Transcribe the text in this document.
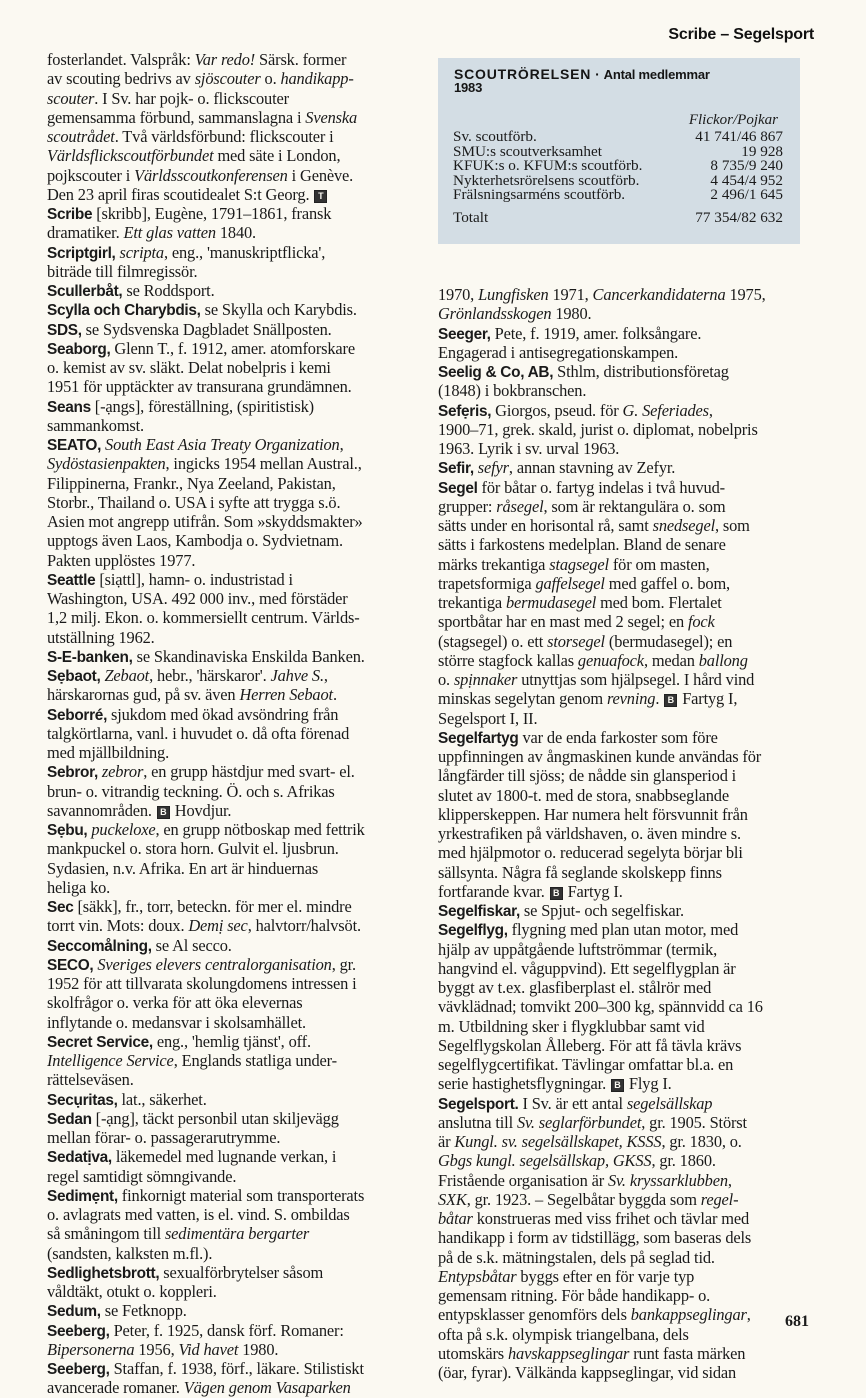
Scribe – Segelsport
fosterlandet. Valspråk: Var redo! Särsk. former
av scouting bedrivs av sjöscouter o. handikapp-
scouter. I Sv. har pojk- o. flickscouter
gemensamma förbund, sammanslagna i Svenska
scoutrådet. Två världsförbund: flickscouter i
Världsflickscoutförbundet med säte i London,
pojkscouter i Världsscoutkonferensen i Genève.
Den 23 april firas scoutidealet S:t Georg. T
Scribe [skribb], Eugène, 1791–1861, fransk
dramatiker. Ett glas vatten 1840.
Scriptgirl, scripta, eng., 'manuskriptflicka',
biträde till filmregissör.
Scullerbåt, se Roddsport.
Scylla och Charybdis, se Skylla och Karybdis.
SDS, se Sydsvenska Dagbladet Snällposten.
Seaborg, Glenn T., f. 1912, amer. atomforskare
o. kemist av sv. släkt. Delat nobelpris i kemi
1951 för upptäckter av transurana grundämnen.
Seans [-ạngs], föreställning, (spiritistisk)
sammankomst.
SEATO, South East Asia Treaty Organization,
Sydöstasienpakten, ingicks 1954 mellan Austral.,
Filippinerna, Frankr., Nya Zeeland, Pakistan,
Storbr., Thailand o. USA i syfte att trygga s.ö.
Asien mot angrepp utifrån. Som »skyddsmakter»
upptogs även Laos, Kambodja o. Sydvietnam.
Pakten upplöstes 1977.
Seattle [siạttl], hamn- o. industristad i
Washington, USA. 492 000 inv., med förstäder
1,2 milj. Ekon. o. kommersiellt centrum. Världs-
utställning 1962.
S-E-banken, se Skandinaviska Enskilda Banken.
Sẹbaot, Zebaot, hebr., 'härskaror'. Jahve S.,
härskarornas gud, på sv. även Herren Sebaot.
Seborré, sjukdom med ökad avsöndring från
talgkörtlarna, vanl. i huvudet o. då ofta förenad
med mjällbildning.
Sebror, zebror, en grupp hästdjur med svart- el.
brun- o. vitrandig teckning. Ö. och s. Afrikas
savannområden. B Hovdjur.
Sẹbu, puckeloxe, en grupp nötboskap med fettrik
mankpuckel o. stora horn. Gulvit el. ljusbrun.
Sydasien, n.v. Afrika. En art är hinduernas
heliga ko.
Sec [säkk], fr., torr, beteckn. för mer el. mindre
torrt vin. Mots: doux. Demị sec, halvtorr/halvsöt.
Seccomålning, se Al secco.
SECO, Sveriges elevers centralorganisation, gr.
1952 för att tillvarata skolungdomens intressen i
skolfrågor o. verka för att öka elevernas
inflytande o. medansvar i skolsamhället.
Secret Service, eng., 'hemlig tjänst', off.
Intelligence Service, Englands statliga under-
rättelseväsen.
Secụritas, lat., säkerhet.
Sedan [-ạng], täckt personbil utan skiljevägg
mellan förar- o. passagerarutrymme.
Sedatịva, läkemedel med lugnande verkan, i
regel samtidigt sömngivande.
Sedimẹnt, finkornigt material som transporterats
o. avlagrats med vatten, is el. vind. S. ombildas
så småningom till sedimentära bergarter
(sandsten, kalksten m.fl.).
Sedlighetsbrott, sexualförbrytelser såsom
våldtäkt, otukt o. koppleri.
Sedum, se Fetknopp.
Seeberg, Peter, f. 1925, dansk förf. Romaner:
Bipersonerna 1956, Vid havet 1980.
Seeberg, Staffan, f. 1938, förf., läkare. Stilistiskt
avancerade romaner. Vägen genom Vasaparken
SCOUTRÖRELSEN · Antal medlemmar
1983
Flickor/Pojkar
Sv. scoutförb.	41 741/46 867
SMU:s scoutverksamhet	19 928
KFUK:s o. KFUM:s scoutförb.	8 735/9 240
Nykterhetsrörelsens scoutförb.	4 454/4 952
Frälsningsarméns scoutförb.	2 496/1 645
Totalt	77 354/82 632
1970, Lungfisken 1971, Cancerkandidaterna 1975,
Grönlandsskogen 1980.
Seeger, Pete, f. 1919, amer. folksångare.
Engagerad i antisegregationskampen.
Seelig & Co, AB, Sthlm, distributionsföretag
(1848) i bokbranschen.
Sefẹris, Giorgos, pseud. för G. Seferiades,
1900–71, grek. skald, jurist o. diplomat, nobelpris
1963. Lyrik i sv. urval 1963.
Sefir, sefyr, annan stavning av Zefyr.
Segel för båtar o. fartyg indelas i två huvud-
grupper: råsegel, som är rektangulära o. som
sätts under en horisontal rå, samt snedsegel, som
sätts i farkostens medelplan. Bland de senare
märks trekantiga stagsegel för om masten,
trapetsformiga gaffelsegel med gaffel o. bom,
trekantiga bermudasegel med bom. Flertalet
sportbåtar har en mast med 2 segel; en fock
(stagsegel) o. ett storsegel (bermudasegel); en
större stagfock kallas genuafock, medan ballong
o. spịnnaker utnyttjas som hjälpsegel. I hård vind
minskas segelytan genom revning. B Fartyg I,
Segelsport I, II.
Segelfartyg var de enda farkoster som före
uppfinningen av ångmaskinen kunde användas för
långfärder till sjöss; de nådde sin glansperiod i
slutet av 1800-t. med de stora, snabbseglande
klipperskeppen. Har numera helt försvunnit från
yrkestrafiken på världshaven, o. även mindre s.
med hjälpmotor o. reducerad segelyta börjar bli
sällsynta. Några få seglande skolskepp finns
fortfarande kvar. B Fartyg I.
Segelfiskar, se Spjut- och segelfiskar.
Segelflyg, flygning med plan utan motor, med
hjälp av uppåtgående luftströmmar (termik,
hangvind el. våguppvind). Ett segelflygplan är
byggt av t.ex. glasfiberplast el. stålrör med
vävklädnad; tomvikt 200–300 kg, spännvidd ca 16
m. Utbildning sker i flygklubbar samt vid
Segelflygskolan Ålleberg. För att få tävla krävs
segelflygcertifikat. Tävlingar omfattar bl.a. en
serie hastighetsflygningar. B Flyg I.
Segelsport. I Sv. är ett antal segelsällskap
anslutna till Sv. seglarförbundet, gr. 1905. Störst
är Kungl. sv. segelsällskapet, KSSS, gr. 1830, o.
Gbgs kungl. segelsällskap, GKSS, gr. 1860.
Fristående organisation är Sv. kryssarklubben,
SXK, gr. 1923. – Segelbåtar byggda som regel-
båtar konstrueras med viss frihet och tävlar med
handikapp i form av tidstillägg, som baseras dels
på de s.k. mätningstalen, dels på seglad tid.
Entypsbåtar byggs efter en för varje typ
gemensam ritning. För både handikapp- o.
entypsklasser genomförs dels bankappseglingar,
ofta på s.k. olympisk triangelbana, dels
utomskärs havskappseglingar runt fasta märken
(öar, fyrar). Välkända kappseglingar, vid sidan
681
